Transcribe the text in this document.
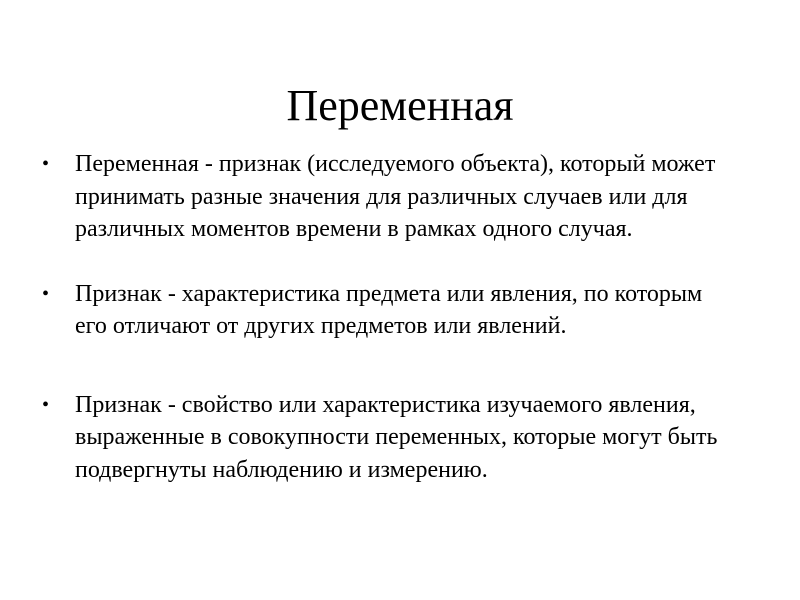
Переменная
• Переменная - признак (исследуемого объекта), который может принимать разные значения для различных случаев или для различных моментов времени в рамках одного случая.
• Признак - характеристика предмета или явления, по которым его отличают от других предметов или явлений.
• Признак - свойство или характеристика изучаемого явления, выраженные в совокупности переменных, которые могут быть подвергнуты наблюдению и измерению.
